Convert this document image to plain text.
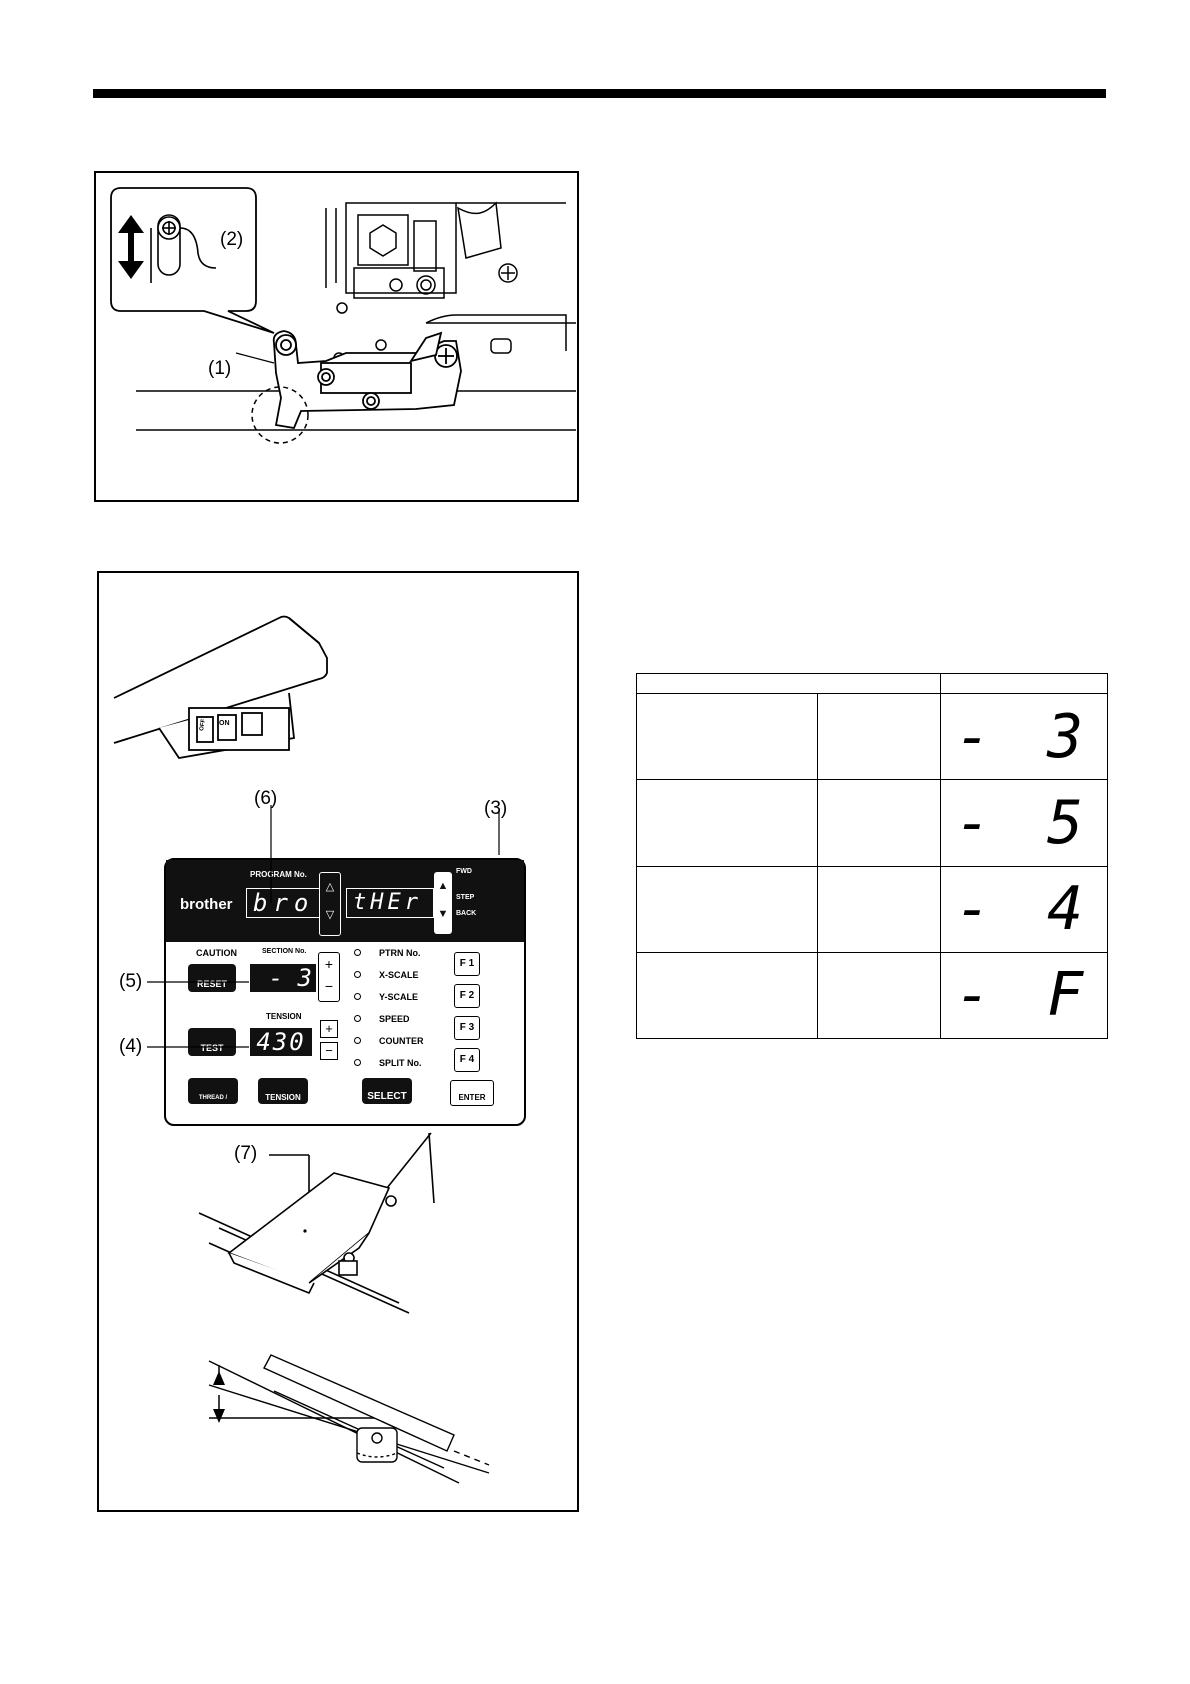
(2)
(1)
OFF ON
(6)	(3)
brother
PROGRAM No.
bro
△
▽ tHEr
▲
▼
FWD
STEP
BACK
CAUTION
RESET
TEST
THREAD / CLAMP
SECTION No.
- 3 +
−
TENSION
430	+
−
TENSION
PTRN No.
X-SCALE
Y-SCALE
SPEED
COUNTER
SPLIT No.
SELECT
F 1
F 2
F 3
F 4
ENTER
(5)
(4)
(7)

		- 3
		- 5
		- 4
		- F
